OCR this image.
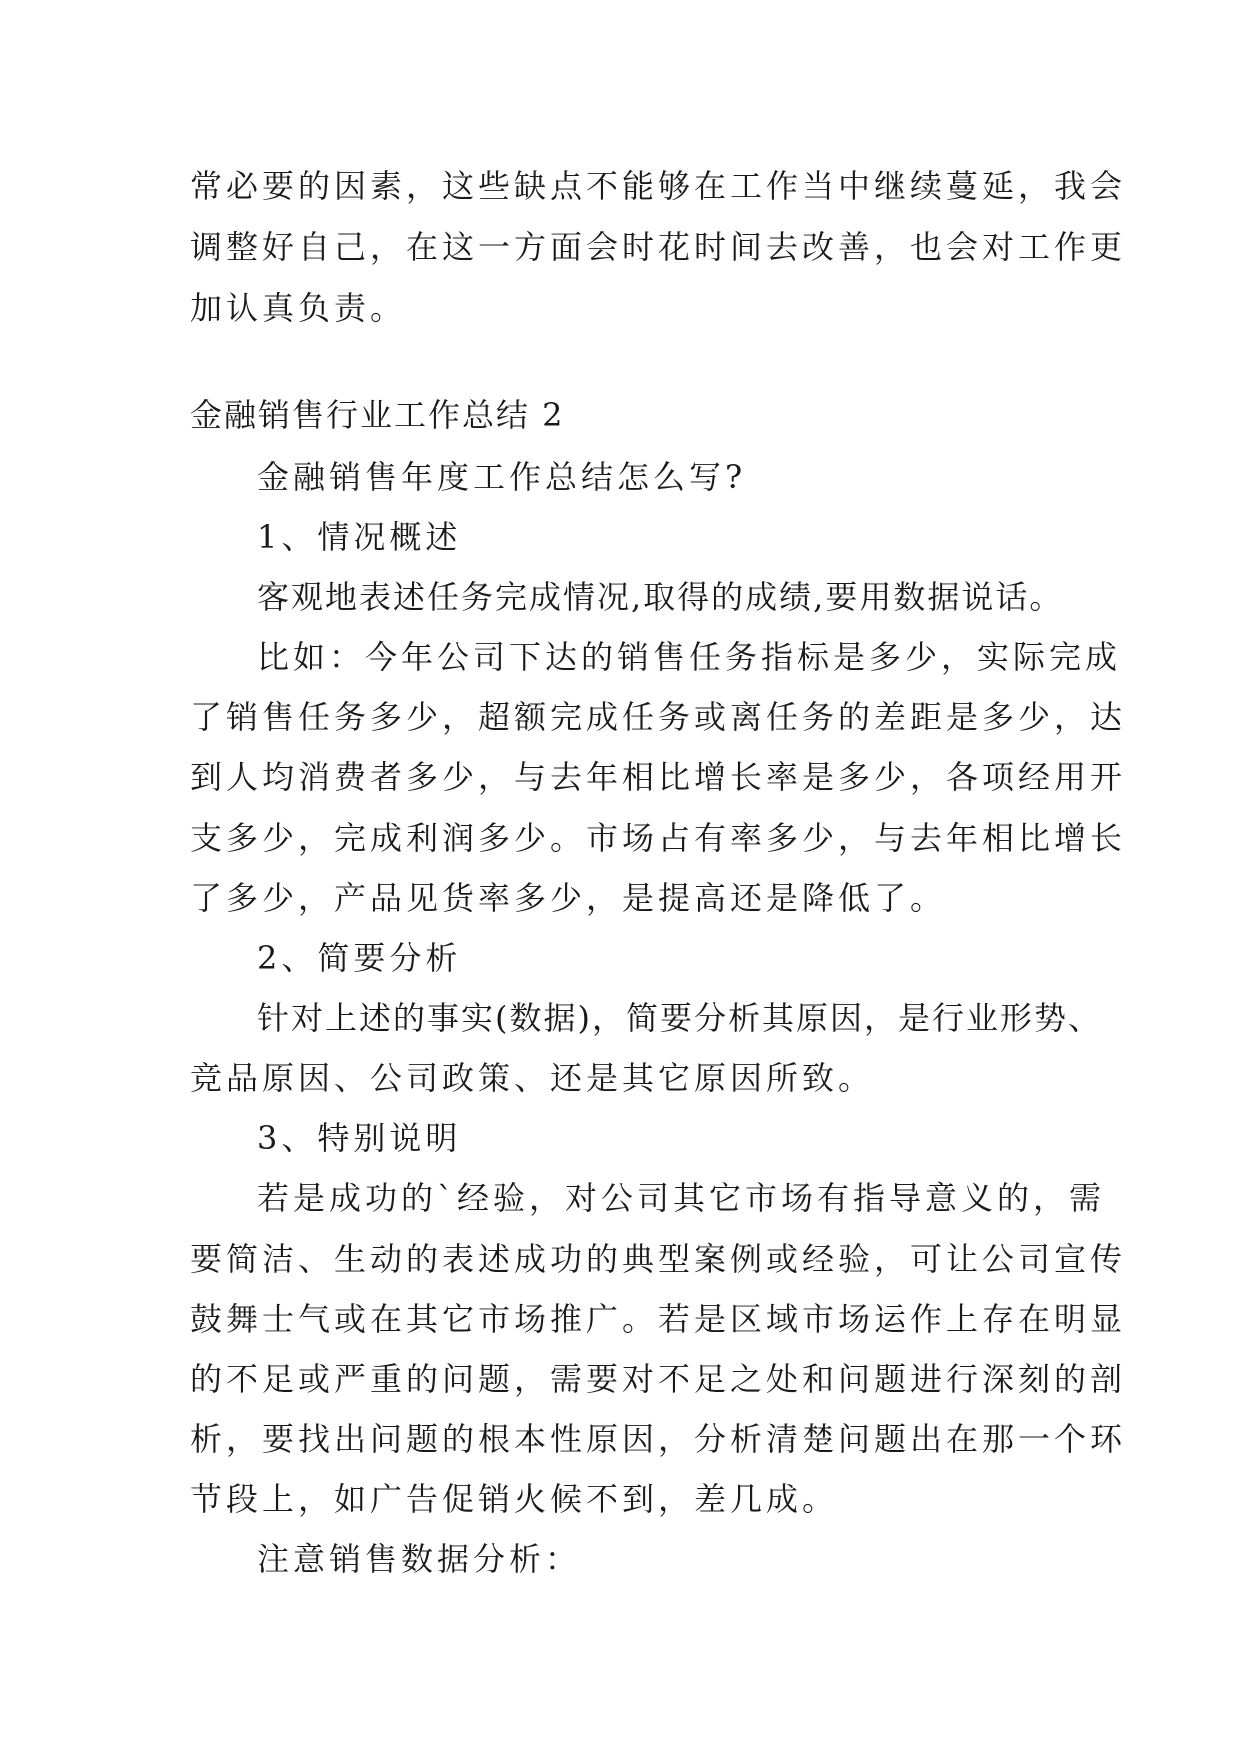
常必要的因素，这些缺点不能够在工作当中继续蔓延，我会
调整好自己，在这一方面会时花时间去改善，也会对工作更
加认真负责。
金融销售行业工作总结 2
金融销售年度工作总结怎么写?
1、情况概述
客观地表述任务完成情况,取得的成绩,要用数据说话。
比如：今年公司下达的销售任务指标是多少，实际完成
了销售任务多少，超额完成任务或离任务的差距是多少，达
到人均消费者多少，与去年相比增长率是多少，各项经用开
支多少，完成利润多少。市场占有率多少，与去年相比增长
了多少，产品见货率多少，是提高还是降低了。
2、简要分析
针对上述的事实(数据)，简要分析其原因，是行业形势、
竞品原因、公司政策、还是其它原因所致。
3、特别说明
若是成功的`经验，对公司其它市场有指导意义的，需
要简洁、生动的表述成功的典型案例或经验，可让公司宣传
鼓舞士气或在其它市场推广。若是区域市场运作上存在明显
的不足或严重的问题，需要对不足之处和问题进行深刻的剖
析，要找出问题的根本性原因，分析清楚问题出在那一个环
节段上，如广告促销火候不到，差几成。
注意销售数据分析：
